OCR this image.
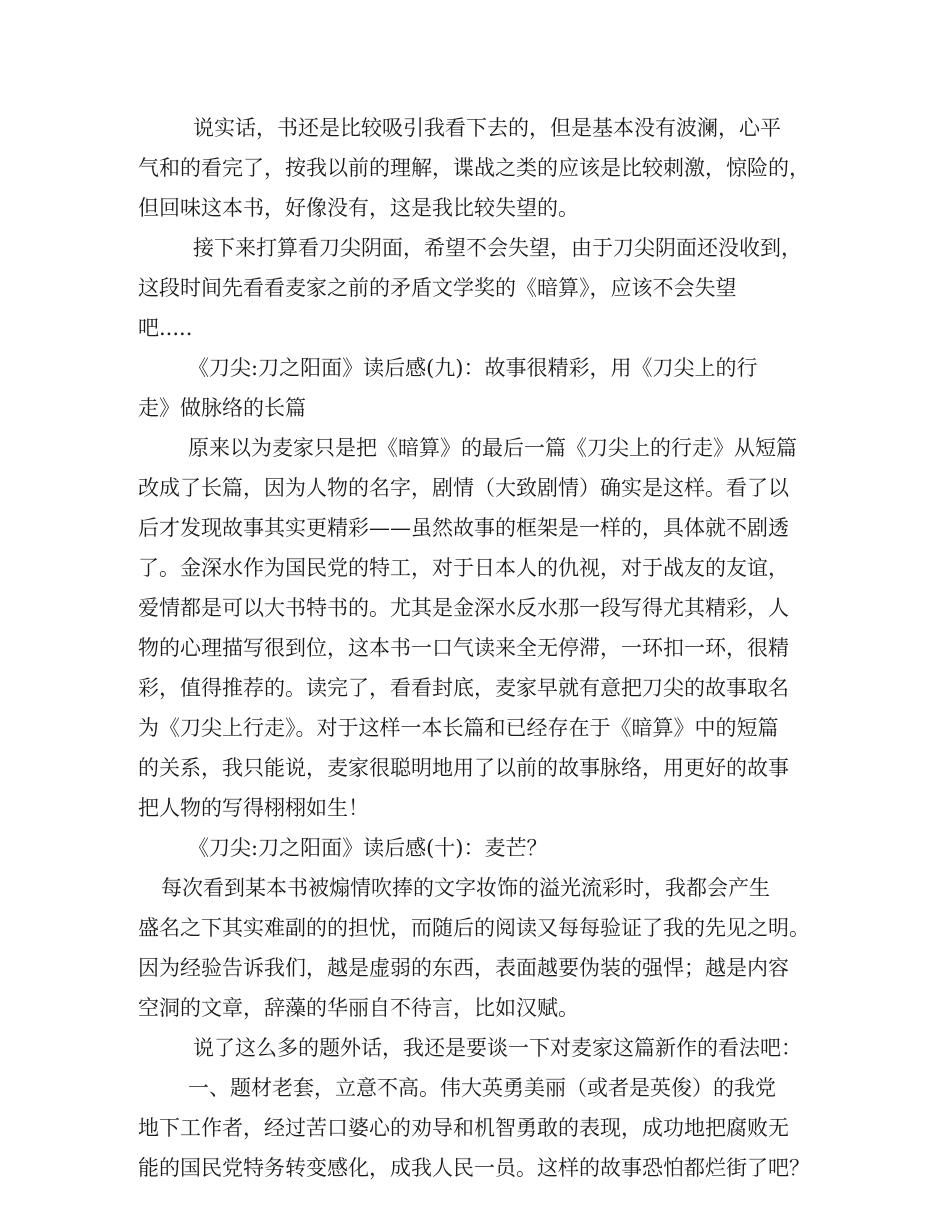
说实话，书还是比较吸引我看下去的，但是基本没有波澜，心平
气和的看完了，按我以前的理解，谍战之类的应该是比较刺激，惊险的，
但回味这本书，好像没有，这是我比较失望的。
接下来打算看刀尖阴面，希望不会失望，由于刀尖阴面还没收到，
这段时间先看看麦家之前的矛盾文学奖的《暗算》，应该不会失望
吧.....
《刀尖:刀之阳面》读后感(九)：故事很精彩，用《刀尖上的行
走》做脉络的长篇
原来以为麦家只是把《暗算》的最后一篇《刀尖上的行走》从短篇
改成了长篇，因为人物的名字，剧情（大致剧情）确实是这样。看了以
后才发现故事其实更精彩——虽然故事的框架是一样的，具体就不剧透
了。金深水作为国民党的特工，对于日本人的仇视，对于战友的友谊，
爱情都是可以大书特书的。尤其是金深水反水那一段写得尤其精彩，人
物的心理描写很到位，这本书一口气读来全无停滞，一环扣一环，很精
彩，值得推荐的。读完了，看看封底，麦家早就有意把刀尖的故事取名
为《刀尖上行走》。对于这样一本长篇和已经存在于《暗算》中的短篇
的关系，我只能说，麦家很聪明地用了以前的故事脉络，用更好的故事
把人物的写得栩栩如生！
《刀尖:刀之阳面》读后感(十)：麦芒？
每次看到某本书被煽情吹捧的文字妆饰的溢光流彩时，我都会产生
盛名之下其实难副的的担忧，而随后的阅读又每每验证了我的先见之明。
因为经验告诉我们，越是虚弱的东西，表面越要伪装的强悍；越是内容
空洞的文章，辞藻的华丽自不待言，比如汉赋。
说了这么多的题外话，我还是要谈一下对麦家这篇新作的看法吧：
一、题材老套，立意不高。伟大英勇美丽（或者是英俊）的我党
地下工作者，经过苦口婆心的劝导和机智勇敢的表现，成功地把腐败无
能的国民党特务转变感化，成我人民一员。这样的故事恐怕都烂街了吧？
